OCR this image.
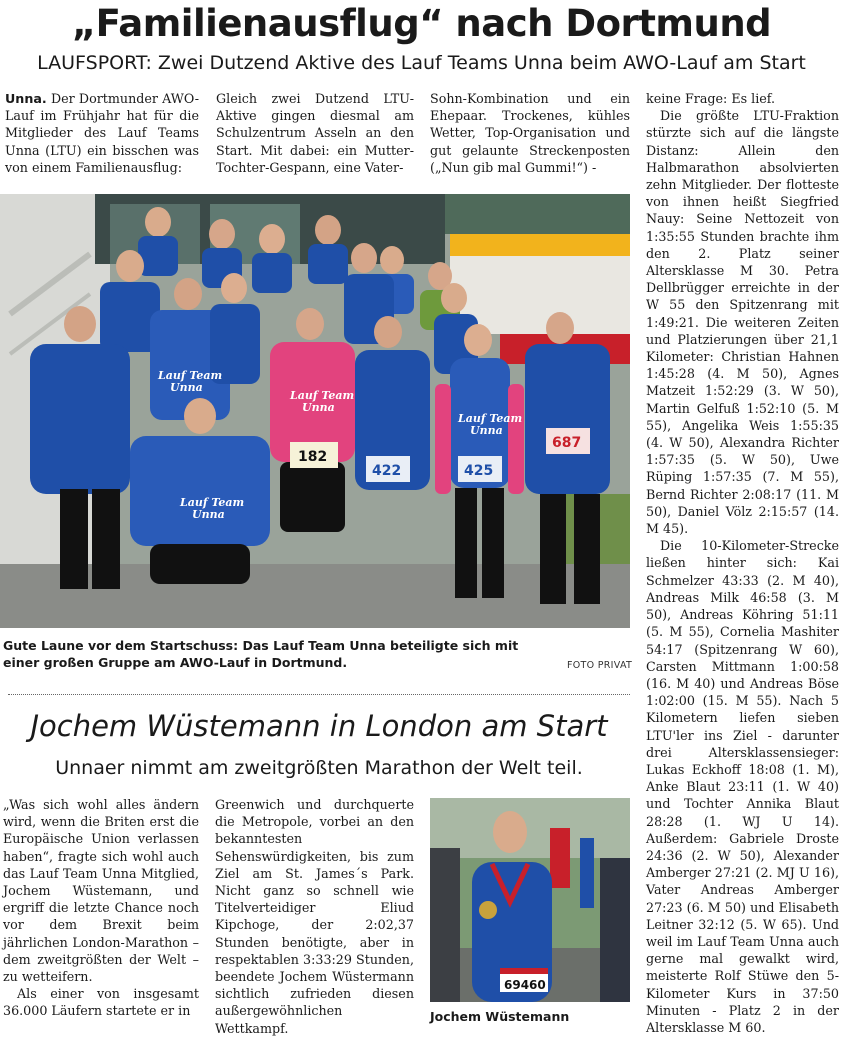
„Familienausflug“ nach Dortmund
LAUFSPORT: Zwei Dutzend Aktive des Lauf Teams Unna beim AWO-Lauf am Start

Unna. Der Dortmunder AWO-Lauf im Frühjahr hat für die Mitglieder des Lauf Teams Unna (LTU) ein bisschen was von einem Familienausflug:

Gleich zwei Dutzend LTU-Aktive gingen diesmal am Schulzentrum Asseln an den Start. Mit dabei: ein Mutter-Tochter-Gespann, eine Vater-

Sohn-Kombination und ein Ehepaar. Trockenes, kühles Wetter, Top-Organisation und gut gelaunte Streckenposten („Nun gib mal Gummi!“) -

keine Frage: Es lief.

Die größte LTU-Fraktion stürzte sich auf die längste Distanz: Allein den Halbmarathon absolvierten zehn Mitglieder. Der flotteste von ihnen heißt Siegfried Nauy: Seine Nettozeit von 1:35:55 Stunden brachte ihm den 2. Platz seiner Altersklasse M 30. Petra Dellbrügger erreichte in der W 55 den Spitzenrang mit 1:49:21. Die weiteren Zeiten und Platzierungen über 21,1 Kilometer: Christian Hahnen 1:45:28 (4. M 50), Agnes Matzeit 1:52:29 (3. W 50), Martin Gelfuß 1:52:10 (5. M 55), Angelika Weis 1:55:35 (4. W 50), Alexandra Richter 1:57:35 (5. W 50), Uwe Rüping 1:57:35 (7. M 55), Bernd Richter 2:08:17 (11. M 50), Daniel Völz 2:15:57 (14. M 45).

Die 10-Kilometer-Strecke ließen hinter sich: Kai Schmelzer 43:33 (2. M 40), Andreas Milk 46:58 (3. M 50), Andreas Köhring 51:11 (5. M 55), Cornelia Mashiter 54:17 (Spitzenrang W 60), Carsten Mittmann 1:00:58 (16. M 40) und Andreas Böse 1:02:00 (15. M 55). Nach 5 Kilometern liefen sieben LTU'ler ins Ziel - darunter drei Altersklassensieger: Lukas Eckhoff 18:08 (1. M), Anke Blaut 23:11 (1. W 40) und Tochter Annika Blaut 28:28 (1. WJ U 14). Außerdem: Gabriele Droste 24:36 (2. W 50), Alexander Amberger 27:21 (2. MJ U 16), Vater Andreas Amberger 27:23 (6. M 50) und Elisabeth Leitner 32:12 (5. W 65). Und weil im Lauf Team Unna auch gerne mal gewalkt wird, meisterte Rolf Stüwe den 5-Kilometer Kurs in 37:50 Minuten - Platz 2 in der Altersklasse M 60.

Lauf Team
Unna
Lauf Team
Unna
Lauf Team
Unna
Lauf Team
Unna
182
422	425
687
Gute Laune vor dem Startschuss: Das Lauf Team Unna beteiligte sich mit einer großen Gruppe am AWO-Lauf in Dortmund.	FOTO PRIVAT
Jochem Wüstemann in London am Start
Unnaer nimmt am zweitgrößten Marathon der Welt teil.

„Was sich wohl alles ändern wird, wenn die Briten erst die Europäische Union verlassen haben“, fragte sich wohl auch das Lauf Team Unna Mitglied, Jochem Wüstemann, und ergriff die letzte Chance noch vor dem Brexit beim jährlichen London-Marathon – dem zweitgrößten der Welt – zu wetteifern.

Als einer von insgesamt 36.000 Läufern startete er in

Greenwich und durchquerte die Metropole, vorbei an den bekanntesten Sehenswürdigkeiten, bis zum Ziel am St. James´s Park. Nicht ganz so schnell wie Titelverteidiger Eliud Kipchoge, der 2:02,37 Stunden benötigte, aber in respektablen 3:33:29 Stunden, beendete Jochem Wüstermann sichtlich zufrieden diesen außergewöhnlichen Wettkampf.

69460
Jochem Wüstemann
